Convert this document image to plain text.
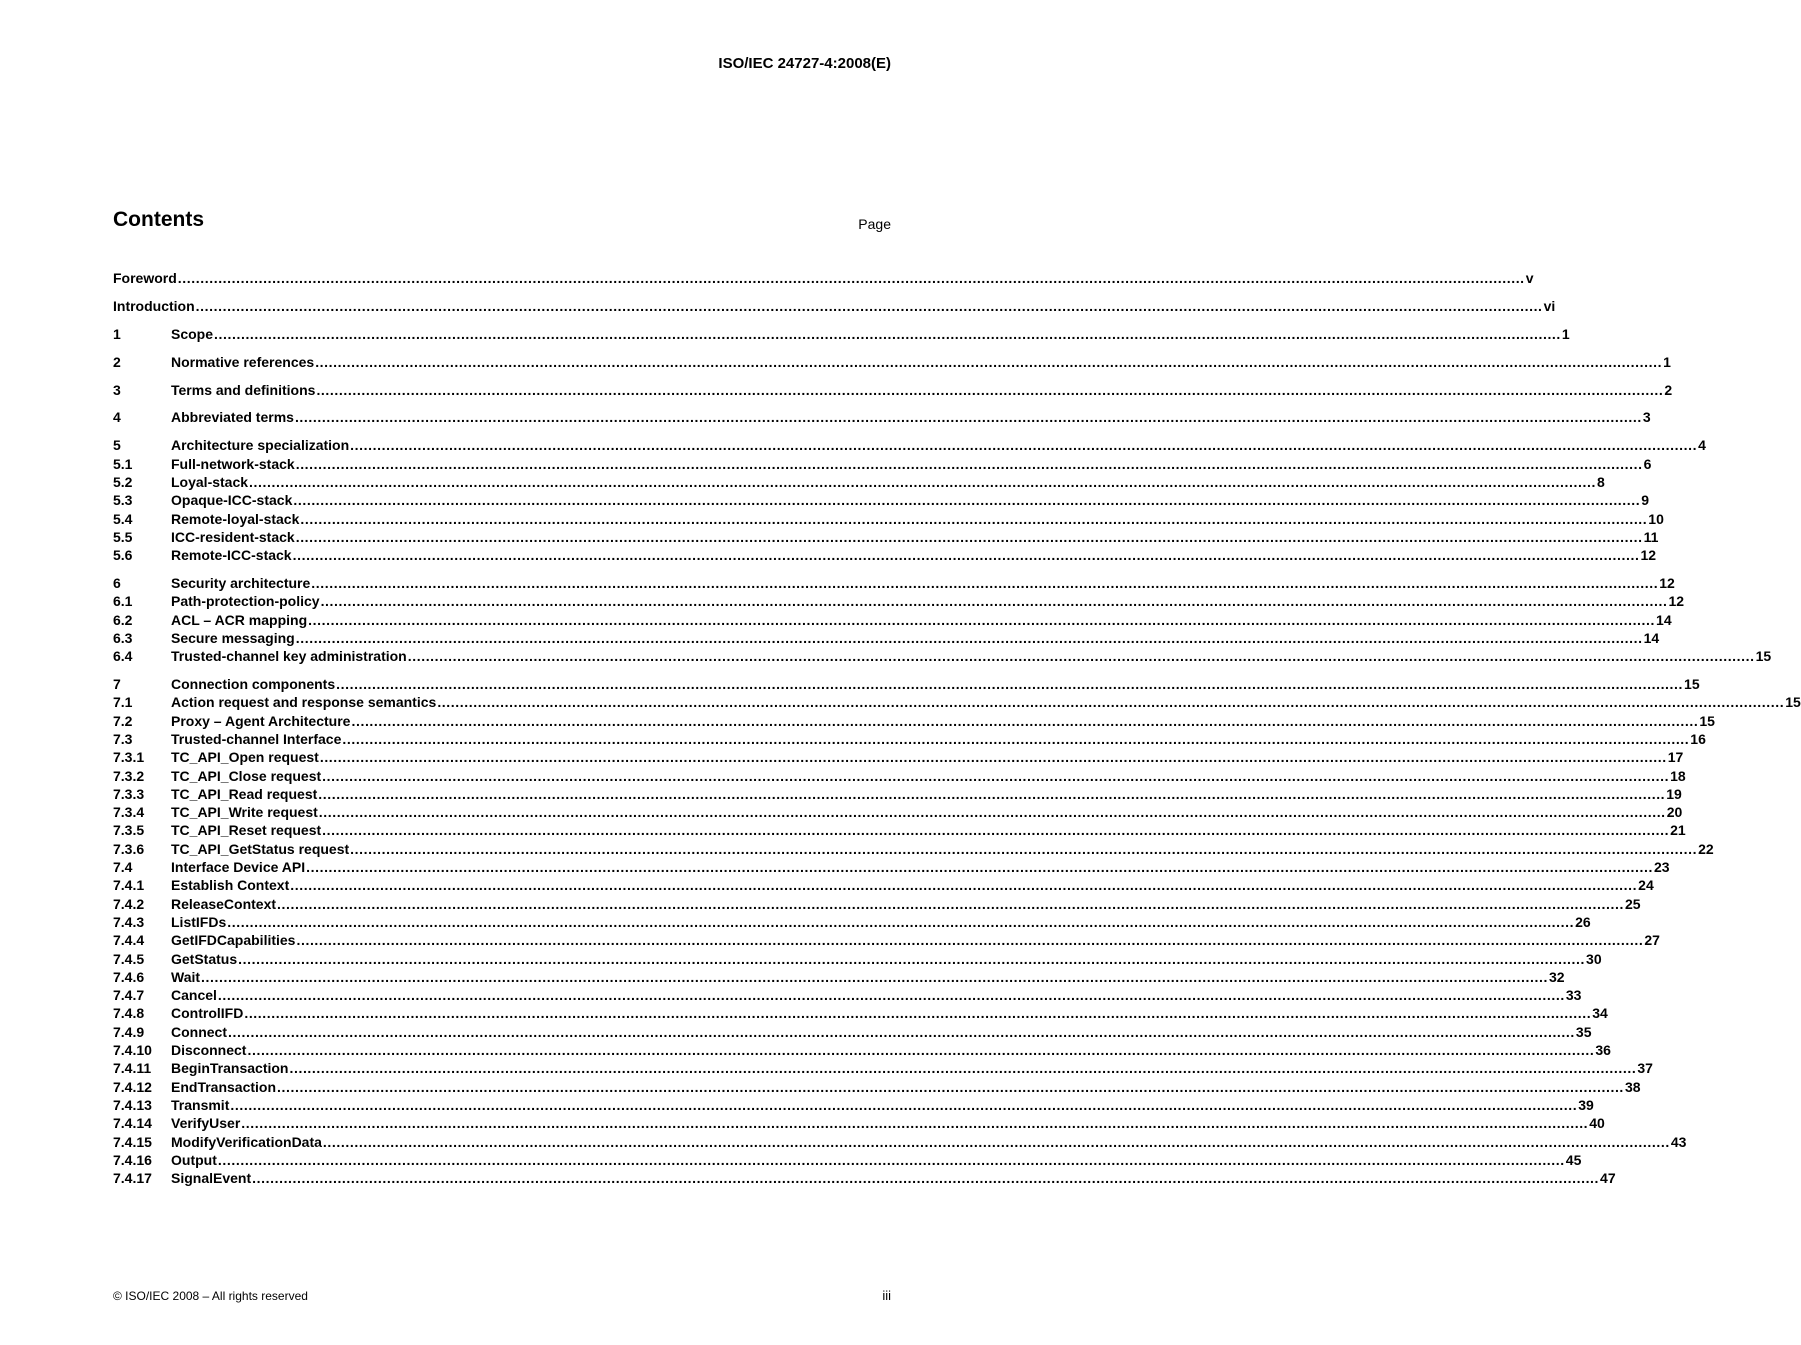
ISO/IEC 24727-4:2008(E)
Contents	Page
Foreword ............................................................................................................................................................................................................................................................................................................ v
Introduction ............................................................................................................................................................................................................................................................................................................ vi
1	Scope ............................................................................................................................................................................................................................................................................................................ 1
2	Normative references ............................................................................................................................................................................................................................................................................................................ 1
3	Terms and definitions ............................................................................................................................................................................................................................................................................................................ 2
4	Abbreviated terms ............................................................................................................................................................................................................................................................................................................ 3
5	Architecture specialization ............................................................................................................................................................................................................................................................................................................ 4
5.1	Full-network-stack ............................................................................................................................................................................................................................................................................................................ 6
5.2	Loyal-stack ............................................................................................................................................................................................................................................................................................................ 8
5.3	Opaque-ICC-stack ............................................................................................................................................................................................................................................................................................................ 9
5.4	Remote-loyal-stack ............................................................................................................................................................................................................................................................................................................ 10
5.5	ICC-resident-stack ............................................................................................................................................................................................................................................................................................................ 11
5.6	Remote-ICC-stack ............................................................................................................................................................................................................................................................................................................ 12
6	Security architecture ............................................................................................................................................................................................................................................................................................................ 12
6.1	Path-protection-policy ............................................................................................................................................................................................................................................................................................................ 12
6.2	ACL – ACR mapping ............................................................................................................................................................................................................................................................................................................ 14
6.3	Secure messaging ............................................................................................................................................................................................................................................................................................................ 14
6.4	Trusted-channel key administration ............................................................................................................................................................................................................................................................................................................ 15
7	Connection components ............................................................................................................................................................................................................................................................................................................ 15
7.1	Action request and response semantics ............................................................................................................................................................................................................................................................................................................ 15
7.2	Proxy – Agent Architecture ............................................................................................................................................................................................................................................................................................................ 15
7.3	Trusted-channel Interface ............................................................................................................................................................................................................................................................................................................ 16
7.3.1	TC_API_Open request ............................................................................................................................................................................................................................................................................................................ 17
7.3.2	TC_API_Close request ............................................................................................................................................................................................................................................................................................................ 18
7.3.3	TC_API_Read request ............................................................................................................................................................................................................................................................................................................ 19
7.3.4	TC_API_Write request ............................................................................................................................................................................................................................................................................................................ 20
7.3.5	TC_API_Reset request ............................................................................................................................................................................................................................................................................................................ 21
7.3.6	TC_API_GetStatus request ............................................................................................................................................................................................................................................................................................................ 22
7.4	Interface Device API ............................................................................................................................................................................................................................................................................................................ 23
7.4.1	Establish Context ............................................................................................................................................................................................................................................................................................................ 24
7.4.2	ReleaseContext ............................................................................................................................................................................................................................................................................................................ 25
7.4.3	ListIFDs ............................................................................................................................................................................................................................................................................................................ 26
7.4.4	GetIFDCapabilities ............................................................................................................................................................................................................................................................................................................ 27
7.4.5	GetStatus ............................................................................................................................................................................................................................................................................................................ 30
7.4.6	Wait ............................................................................................................................................................................................................................................................................................................ 32
7.4.7	Cancel ............................................................................................................................................................................................................................................................................................................ 33
7.4.8	ControlIFD ............................................................................................................................................................................................................................................................................................................ 34
7.4.9	Connect ............................................................................................................................................................................................................................................................................................................ 35
7.4.10	Disconnect ............................................................................................................................................................................................................................................................................................................ 36
7.4.11	BeginTransaction ............................................................................................................................................................................................................................................................................................................ 37
7.4.12	EndTransaction ............................................................................................................................................................................................................................................................................................................ 38
7.4.13	Transmit ............................................................................................................................................................................................................................................................................................................ 39
7.4.14	VerifyUser ............................................................................................................................................................................................................................................................................................................ 40
7.4.15	ModifyVerificationData ............................................................................................................................................................................................................................................................................................................ 43
7.4.16	Output ............................................................................................................................................................................................................................................................................................................ 45
7.4.17	SignalEvent ............................................................................................................................................................................................................................................................................................................ 47
© ISO/IEC 2008 – All rights reserved	iii
